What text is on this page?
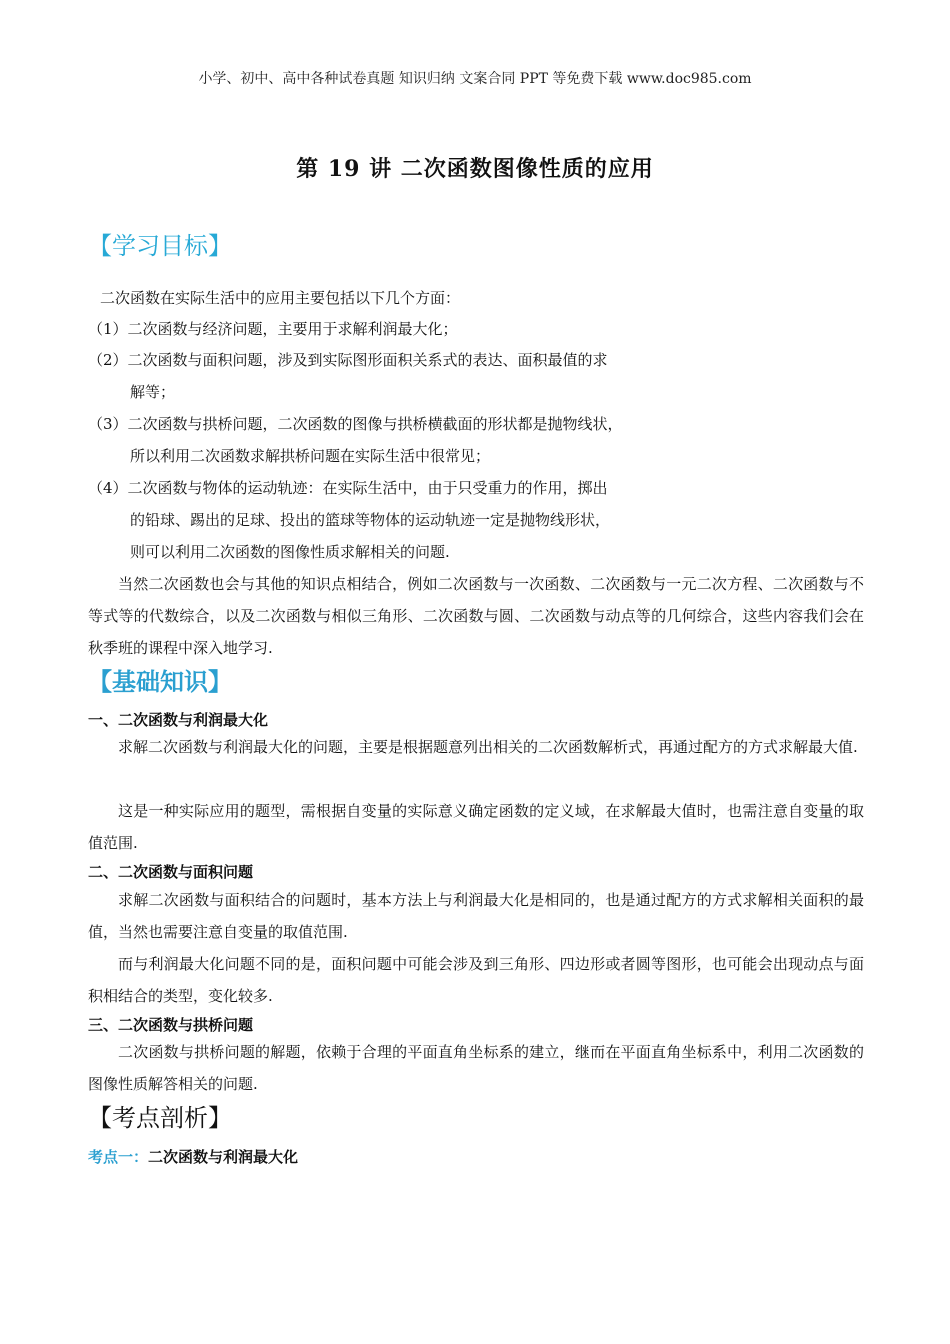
小学、初中、高中各种试卷真题 知识归纳 文案合同 PPT 等免费下载 www.doc985.com
第 19 讲 二次函数图像性质的应用
【学习目标】
二次函数在实际生活中的应用主要包括以下几个方面：
（1）二次函数与经济问题，主要用于求解利润最大化；
（2）二次函数与面积问题，涉及到实际图形面积关系式的表达、面积最值的求
解等；
（3）二次函数与拱桥问题，二次函数的图像与拱桥横截面的形状都是抛物线状，
所以利用二次函数求解拱桥问题在实际生活中很常见；
（4）二次函数与物体的运动轨迹：在实际生活中，由于只受重力的作用，掷出
的铅球、踢出的足球、投出的篮球等物体的运动轨迹一定是抛物线形状，
则可以利用二次函数的图像性质求解相关的问题.
当然二次函数也会与其他的知识点相结合，例如二次函数与一次函数、二次函数与一元二次方程、二次函数与不等式等的代数综合，以及二次函数与相似三角形、二次函数与圆、二次函数与动点等的几何综合，这些内容我们会在秋季班的课程中深入地学习.
【基础知识】
一、二次函数与利润最大化
求解二次函数与利润最大化的问题，主要是根据题意列出相关的二次函数解析式，再通过配方的方式求解最大值.
这是一种实际应用的题型，需根据自变量的实际意义确定函数的定义域，在求解最大值时，也需注意自变量的取值范围.
二、二次函数与面积问题
求解二次函数与面积结合的问题时，基本方法上与利润最大化是相同的，也是通过配方的方式求解相关面积的最值，当然也需要注意自变量的取值范围.
而与利润最大化问题不同的是，面积问题中可能会涉及到三角形、四边形或者圆等图形，也可能会出现动点与面积相结合的类型，变化较多.
三、二次函数与拱桥问题
二次函数与拱桥问题的解题，依赖于合理的平面直角坐标系的建立，继而在平面直角坐标系中，利用二次函数的图像性质解答相关的问题.
【考点剖析】
考点一：二次函数与利润最大化
